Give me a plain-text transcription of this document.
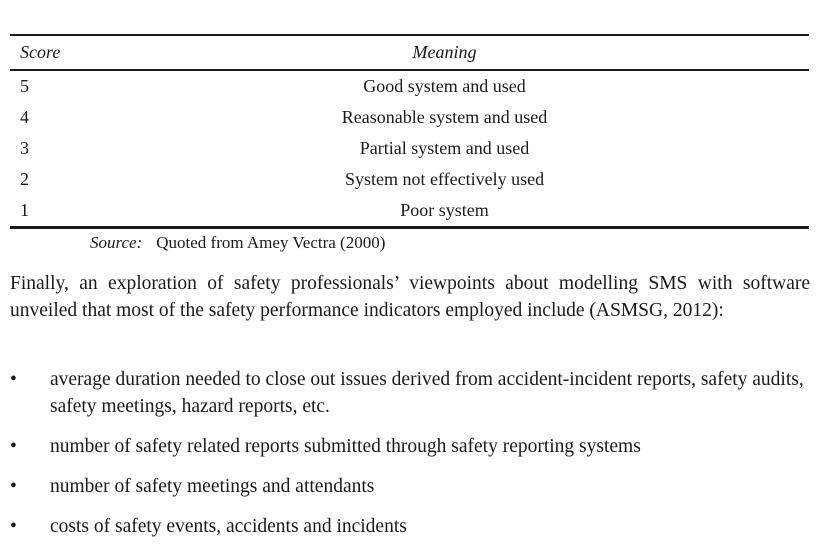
Score	Meaning
5	Good system and used
4	Reasonable system and used
3	Partial system and used
2	System not effectively used
1	Poor system
Source: Quoted from Amey Vectra (2000)

Finally, an exploration of safety professionals’ viewpoints about modelling SMS with software unveiled that most of the safety performance indicators employed include (ASMSG, 2012):

• average duration needed to close out issues derived from accident-incident reports, safety audits, safety meetings, hazard reports, etc.
• number of safety related reports submitted through safety reporting systems
• number of safety meetings and attendants
• costs of safety events, accidents and incidents
